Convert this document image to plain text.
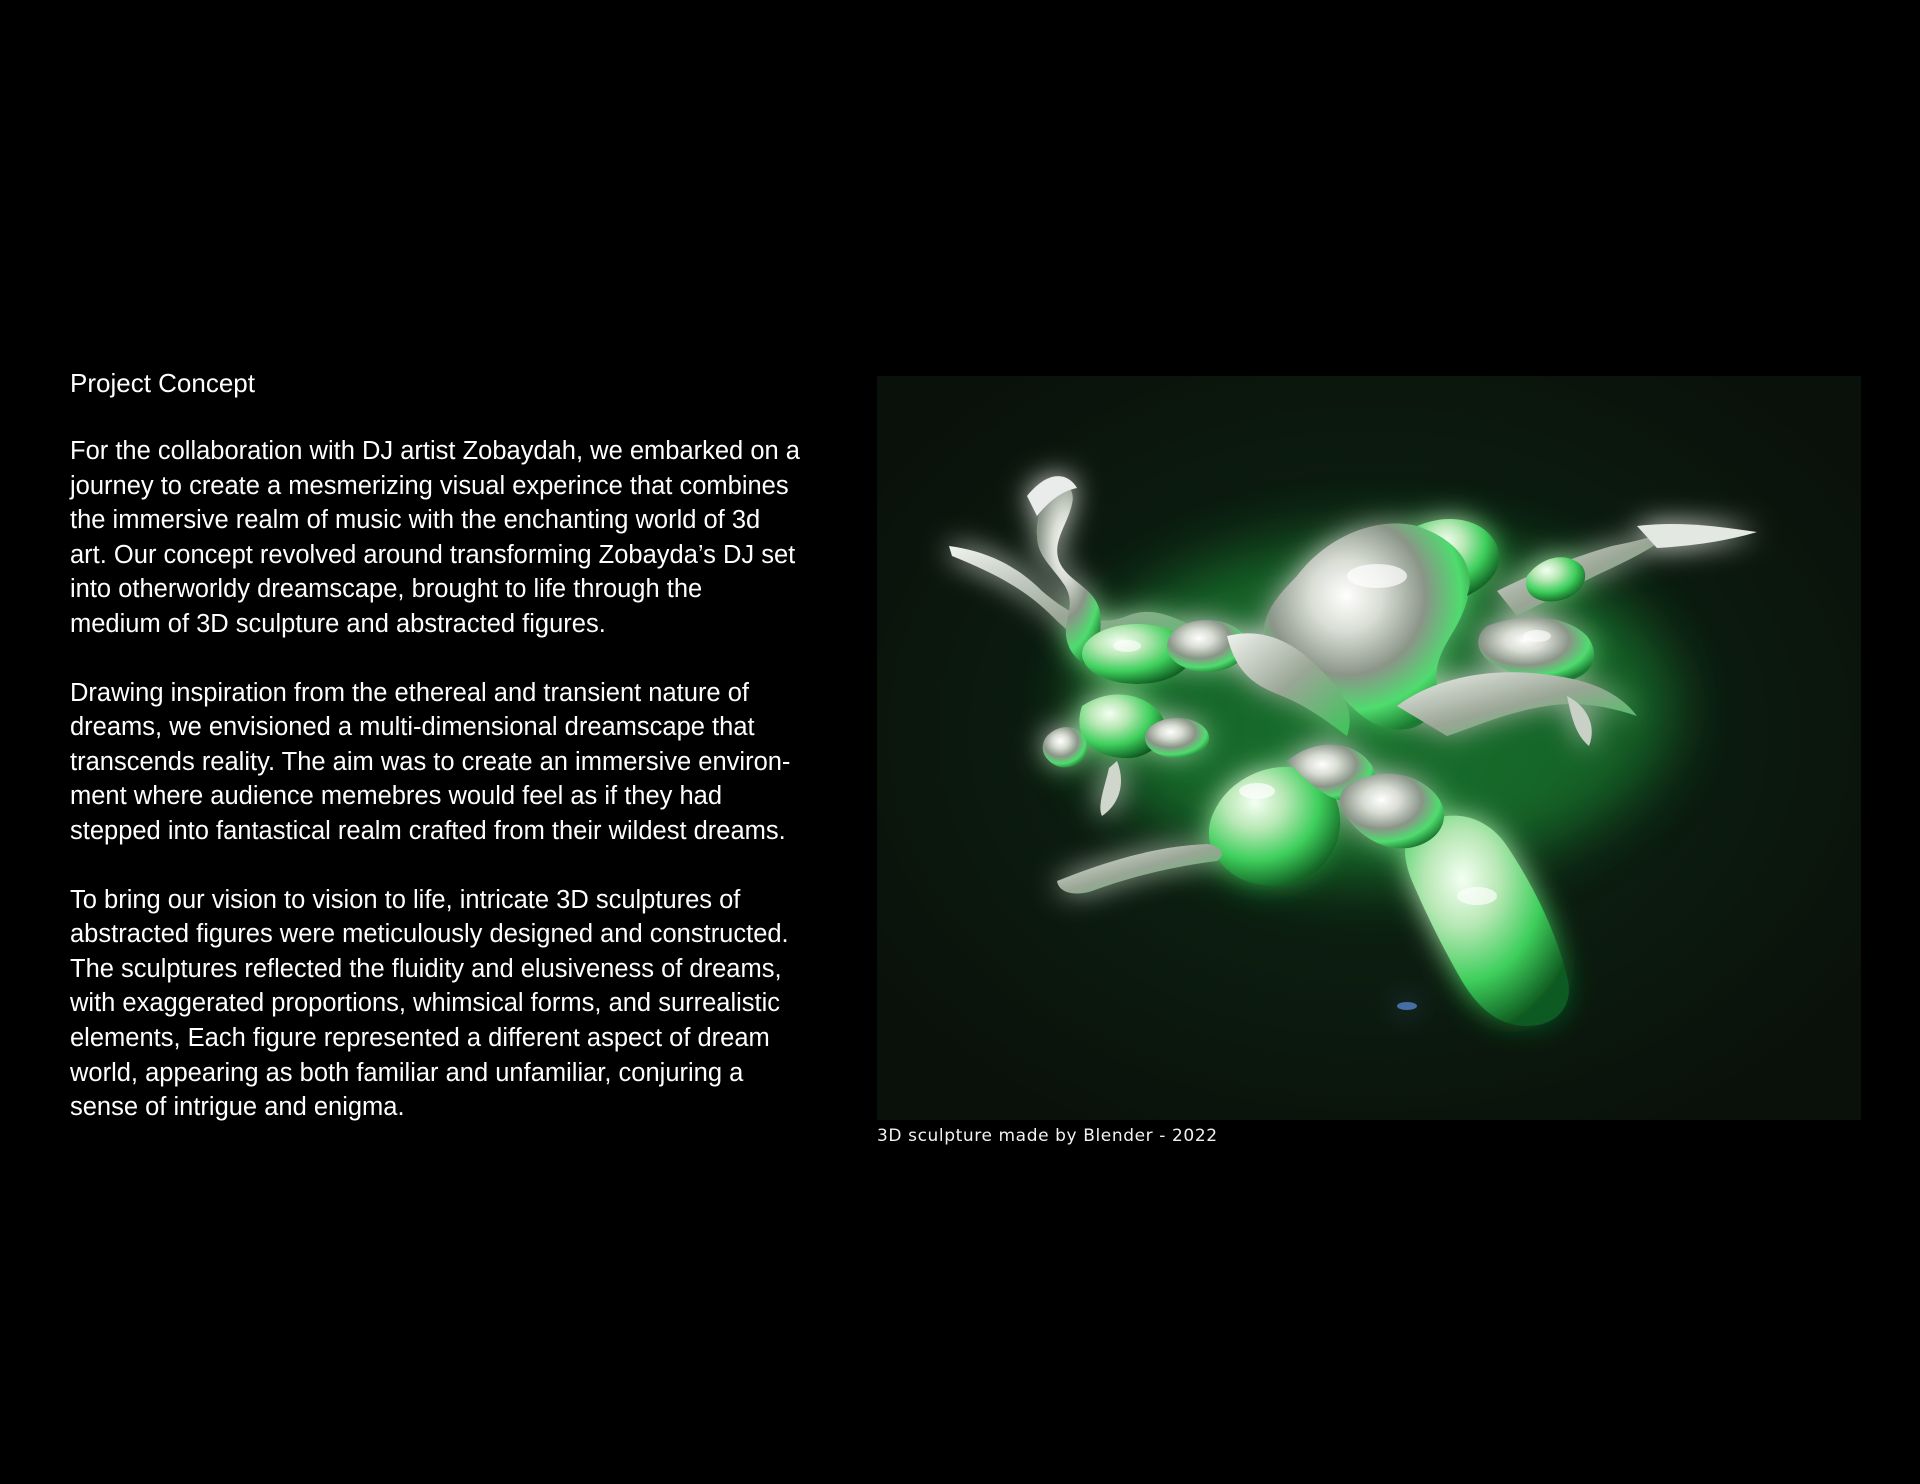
Project Concept

For the collaboration with DJ artist Zobaydah, we embarked on a
journey to create a mesmerizing visual experince that combines
the immersive realm of music with the enchanting world of 3d
art. Our concept revolved around transforming Zobayda’s DJ set
into otherworldy dreamscape, brought to life through the
medium of 3D sculpture and abstracted figures.

Drawing inspiration from the ethereal and transient nature of
dreams, we envisioned a multi-dimensional dreamscape that
transcends reality. The aim was to create an immersive environ-
ment where audience memebres would feel as if they had
stepped into fantastical realm crafted from their wildest dreams.

To bring our vision to vision to life, intricate 3D sculptures of
abstracted figures were meticulously designed and constructed.
The sculptures reflected the fluidity and elusiveness of dreams,
with exaggerated proportions, whimsical forms, and surrealistic
elements, Each figure represented a different aspect of dream
world, appearing as both familiar and unfamiliar, conjuring a
sense of intrigue and enigma.

3D sculpture made by Blender - 2022
